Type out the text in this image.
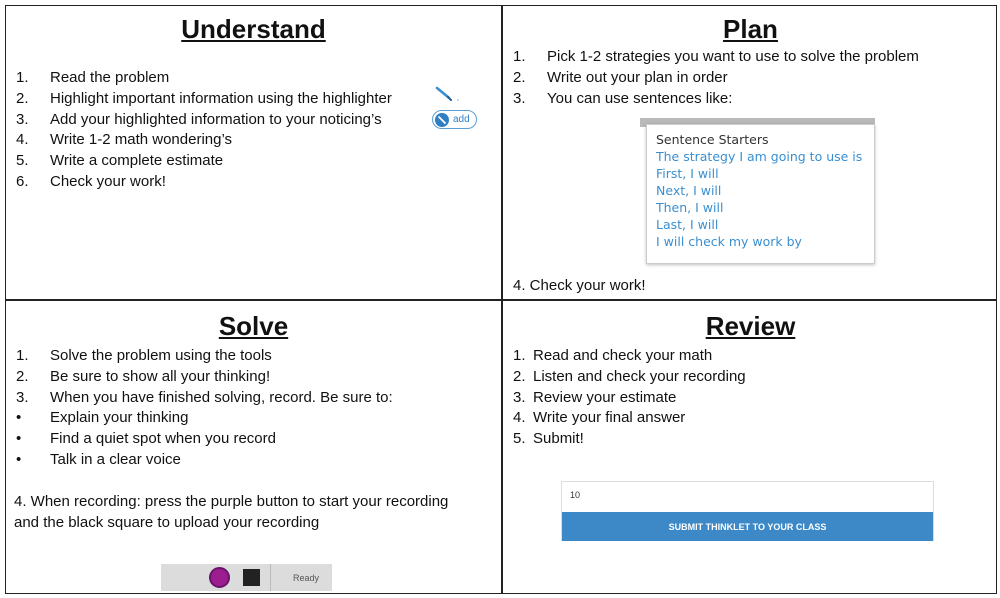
Understand
1.	Read the problem
2.	Highlight important information using the highlighter
3.	Add your highlighted information to your noticing’s
4.	Write 1-2 math wondering’s
5.	Write a complete estimate
6.	Check your work!
add
Plan
1.	Pick 1-2 strategies you want to use to solve the problem
2.	Write out your plan in order
3.	You can use sentences like:
Sentence Starters
The strategy I am going to use is
First, I will
Next, I will
Then, I will
Last, I will
I will check my work by
4. Check your work!
Solve
1.	Solve the problem using the tools
2.	Be sure to show all your thinking!
3.	When you have finished solving, record. Be sure to:
•	Explain your thinking
•	Find a quiet spot when you record
•	Talk in a clear voice
4. When recording: press the purple button to start your recording
and the black square to upload your recording
Ready
Review
1. Read and check your math
2. Listen and check your recording
3. Review your estimate
4. Write your final answer
5. Submit!
10
SUBMIT THINKLET TO YOUR CLASS
